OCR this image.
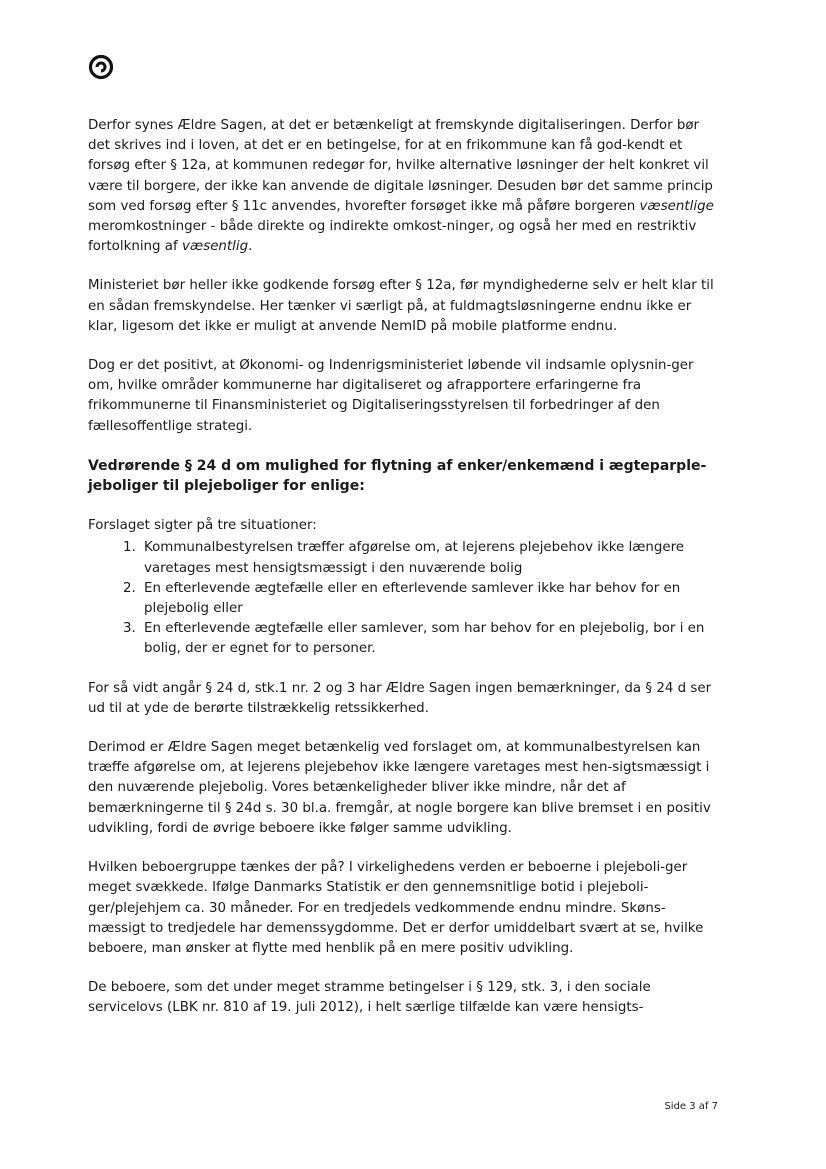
Derfor synes Ældre Sagen, at det er betænkeligt at fremskynde digitaliseringen. Derfor bør det skrives ind i loven, at det er en betingelse, for at en frikommune kan få god-kendt et forsøg efter § 12a, at kommunen redegør for, hvilke alternative løsninger der helt konkret vil være til borgere, der ikke kan anvende de digitale løsninger. Desuden bør det samme princip som ved forsøg efter § 11c anvendes, hvorefter forsøget ikke må påføre borgeren væsentlige meromkostninger - både direkte og indirekte omkost-ninger, og også her med en restriktiv fortolkning af væsentlig.

Ministeriet bør heller ikke godkende forsøg efter § 12a, før myndighederne selv er helt klar til en sådan fremskyndelse. Her tænker vi særligt på, at fuldmagtsløsningerne endnu ikke er klar, ligesom det ikke er muligt at anvende NemID på mobile platforme endnu.

Dog er det positivt, at Økonomi- og Indenrigsministeriet løbende vil indsamle oplysnin-ger om, hvilke områder kommunerne har digitaliseret og afrapportere erfaringerne fra frikommunerne til Finansministeriet og Digitaliseringsstyrelsen til forbedringer af den fællesoffentlige strategi.

Vedrørende § 24 d om mulighed for flytning af enker/enkemænd i ægteparple-jeboliger til plejeboliger for enlige:

Forslaget sigter på tre situationer:

1. Kommunalbestyrelsen træffer afgørelse om, at lejerens plejebehov ikke længere varetages mest hensigtsmæssigt i den nuværende bolig
2. En efterlevende ægtefælle eller en efterlevende samlever ikke har behov for en plejebolig eller
3. En efterlevende ægtefælle eller samlever, som har behov for en plejebolig, bor i en bolig, der er egnet for to personer.

For så vidt angår § 24 d, stk.1 nr. 2 og 3 har Ældre Sagen ingen bemærkninger, da § 24 d ser ud til at yde de berørte tilstrækkelig retssikkerhed.

Derimod er Ældre Sagen meget betænkelig ved forslaget om, at kommunalbestyrelsen kan træffe afgørelse om, at lejerens plejebehov ikke længere varetages mest hen-sigtsmæssigt i den nuværende plejebolig. Vores betænkeligheder bliver ikke mindre, når det af bemærkningerne til § 24d s. 30 bl.a. fremgår, at nogle borgere kan blive bremset i en positiv udvikling, fordi de øvrige beboere ikke følger samme udvikling.

Hvilken beboergruppe tænkes der på? I virkelighedens verden er beboerne i plejeboli-ger meget svækkede. Ifølge Danmarks Statistik er den gennemsnitlige botid i plejeboli-ger/plejehjem ca. 30 måneder. For en tredjedels vedkommende endnu mindre. Skøns-mæssigt to tredjedele har demenssygdomme. Det er derfor umiddelbart svært at se, hvilke beboere, man ønsker at flytte med henblik på en mere positiv udvikling.

De beboere, som det under meget stramme betingelser i § 129, stk. 3, i den sociale servicelovs (LBK nr. 810 af 19. juli 2012), i helt særlige tilfælde kan være hensigts-

Side 3 af 7
